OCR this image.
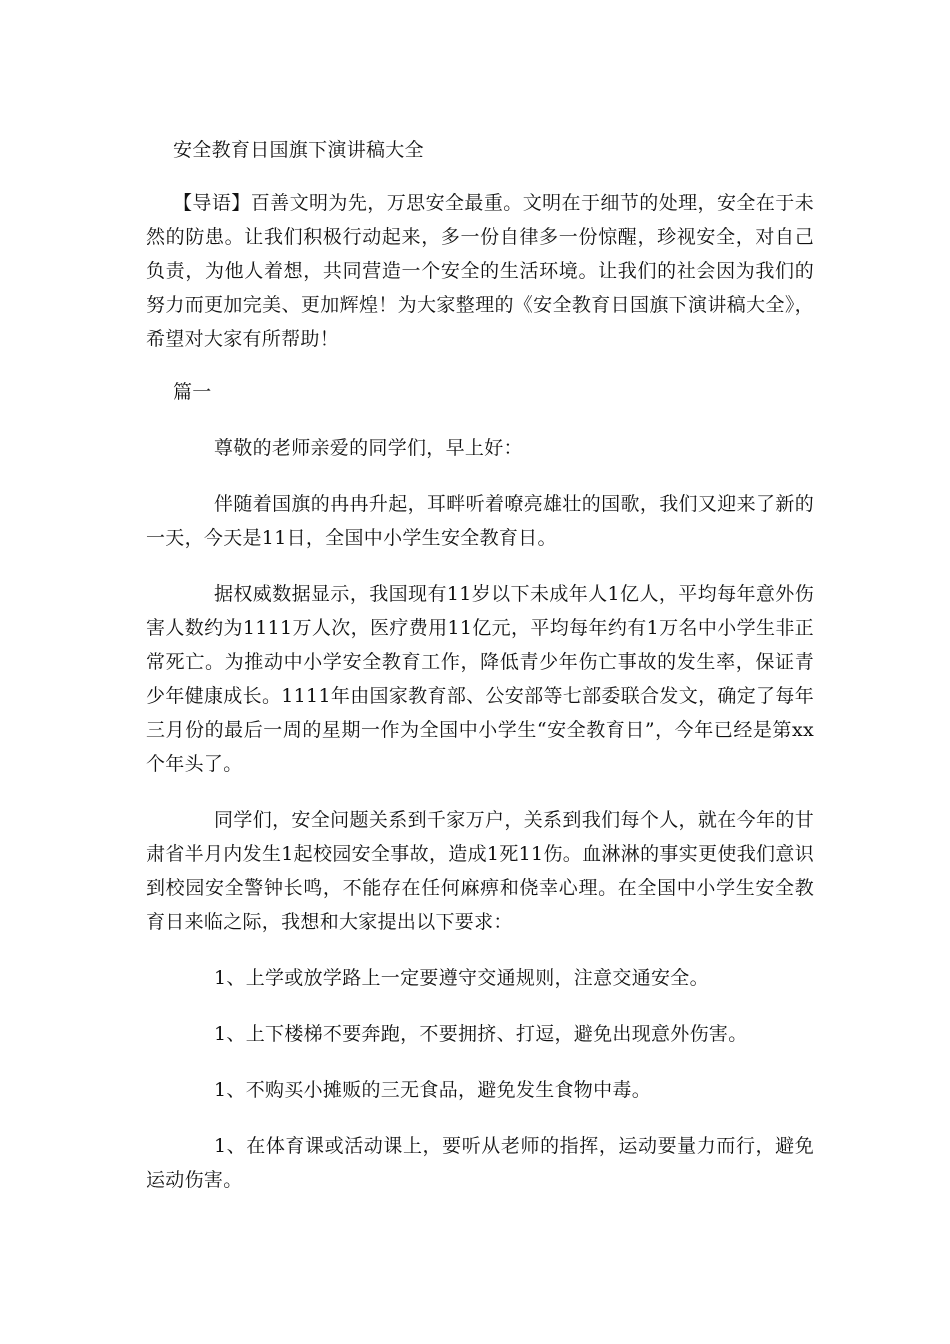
安全教育日国旗下演讲稿大全

【导语】百善文明为先，万思安全最重。文明在于细节的处理，安全在于未然的防患。让我们积极行动起来，多一份自律多一份惊醒，珍视安全，对自己负责，为他人着想，共同营造一个安全的生活环境。让我们的社会因为我们的努力而更加完美、更加辉煌！为大家整理的《安全教育日国旗下演讲稿大全》，希望对大家有所帮助！

篇一

尊敬的老师亲爱的同学们，早上好：

伴随着国旗的冉冉升起，耳畔听着嘹亮雄壮的国歌，我们又迎来了新的一天，今天是11日，全国中小学生安全教育日。

据权威数据显示，我国现有11岁以下未成年人1亿人，平均每年意外伤害人数约为1111万人次，医疗费用11亿元，平均每年约有1万名中小学生非正常死亡。为推动中小学安全教育工作，降低青少年伤亡事故的发生率，保证青少年健康成长。1111年由国家教育部、公安部等七部委联合发文，确定了每年三月份的最后一周的星期一作为全国中小学生“安全教育日”，今年已经是第xx个年头了。

同学们，安全问题关系到千家万户，关系到我们每个人，就在今年的甘肃省半月内发生1起校园安全事故，造成1死11伤。血淋淋的事实更使我们意识到校园安全警钟长鸣，不能存在任何麻痹和侥幸心理。在全国中小学生安全教育日来临之际，我想和大家提出以下要求：

1、上学或放学路上一定要遵守交通规则，注意交通安全。

1、上下楼梯不要奔跑，不要拥挤、打逗，避免出现意外伤害。

1、不购买小摊贩的三无食品，避免发生食物中毒。

1、在体育课或活动课上，要听从老师的指挥，运动要量力而行，避免运动伤害。
